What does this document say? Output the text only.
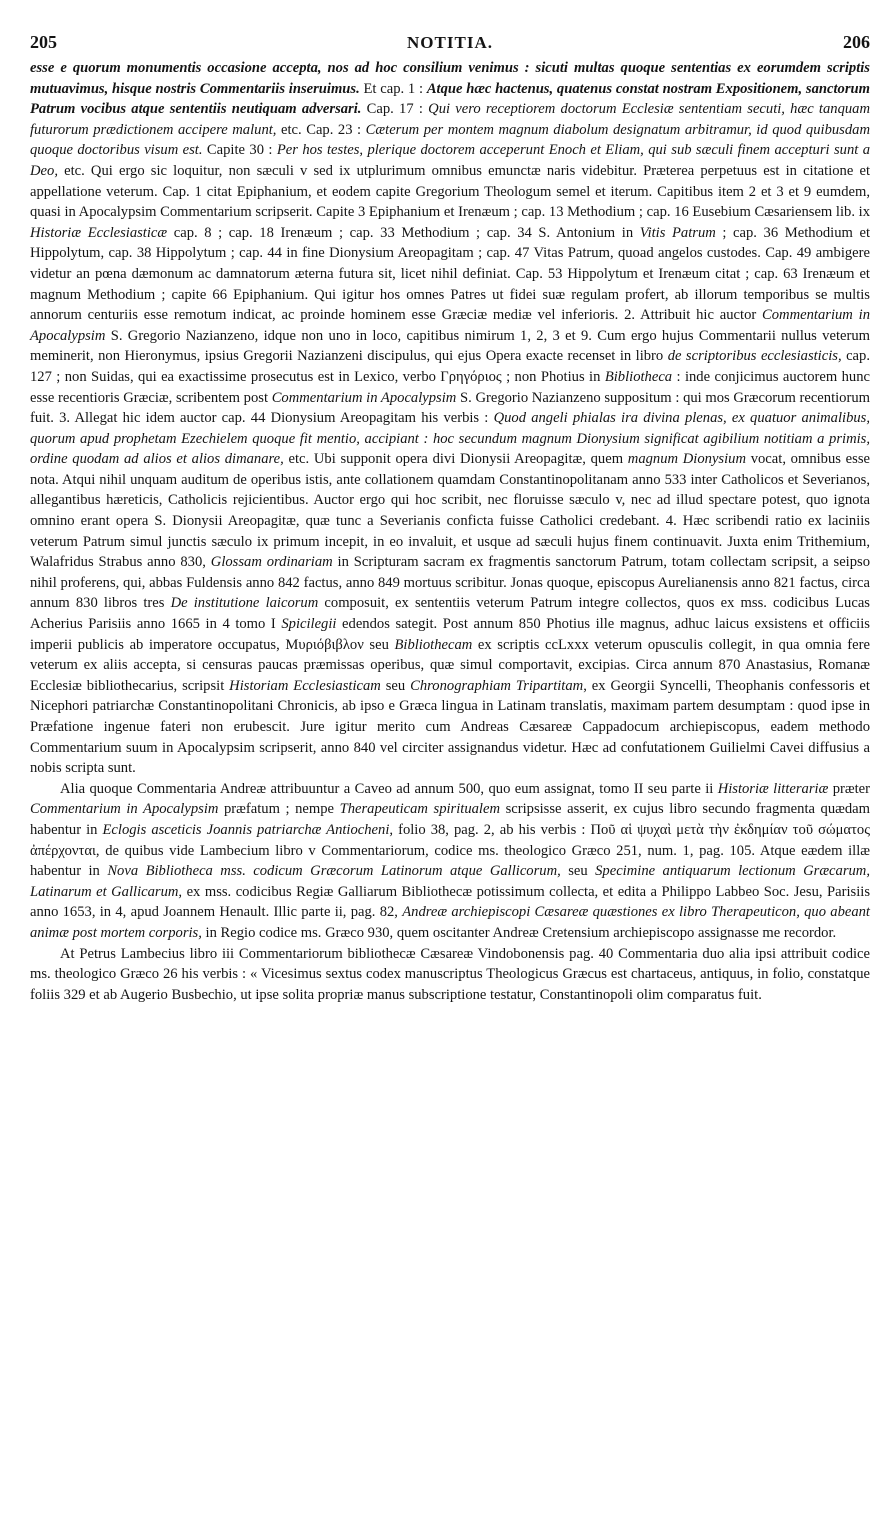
205	NOTITIA.	206

esse e quorum monumentis occasione accepta, nos ad hoc consilium venimus : sicuti multas quoque sententias ex eorumdem scriptis mutuavimus, hisque nostris Commentariis inseruimus. Et cap. 1 : Atque hæc hactenus, quatenus constat nostram Expositionem, sanctorum Patrum vocibus atque sententiis neutiquam adversari. Cap. 17 : Qui vero receptiorem doctorum Ecclesiæ sententiam secuti, hæc tanquam futurorum prædictionem accipere malunt, etc. Cap. 23 : Cæterum per montem magnum diabolum designatum arbitramur, id quod quibusdam quoque doctoribus visum est. Capite 30 : Per hos testes, plerique doctorem acceperunt Enoch et Eliam, qui sub sæculi finem accepturi sunt a Deo, etc. Qui ergo sic loquitur, non sæculi v sed ix utplurimum omnibus emunctæ naris videbitur. Præterea perpetuus est in citatione et appellatione veterum. Cap. 1 citat Epiphanium, et eodem capite Gregorium Theologum semel et iterum. Capitibus item 2 et 3 et 9 eumdem, quasi in Apocalypsim Commentarium scripserit. Capite 3 Epiphanium et Irenæum ; cap. 13 Methodium ; cap. 16 Eusebium Cæsariensem lib. ix Historiæ Ecclesiasticæ cap. 8 ; cap. 18 Irenæum ; cap. 33 Methodium ; cap. 34 S. Antonium in Vitis Patrum ; cap. 36 Methodium et Hippolytum, cap. 38 Hippolytum ; cap. 44 in fine Dionysium Areopagitam ; cap. 47 Vitas Patrum, quoad angelos custodes. Cap. 49 ambigere videtur an pœna dæmonum ac damnatorum æterna futura sit, licet nihil definiat. Cap. 53 Hippolytum et Irenæum citat ; cap. 63 Irenæum et magnum Methodium ; capite 66 Epiphanium. Qui igitur hos omnes Patres ut fidei suæ regulam profert, ab illorum temporibus se multis annorum centuriis esse remotum indicat, ac proinde hominem esse Græciæ mediæ vel inferioris. 2. Attribuit hic auctor Commentarium in Apocalypsim S. Gregorio Nazianzeno, idque non uno in loco, capitibus nimirum 1, 2, 3 et 9. Cum ergo hujus Commentarii nullus veterum meminerit, non Hieronymus, ipsius Gregorii Nazianzeni discipulus, qui ejus Opera exacte recenset in libro de scriptoribus ecclesiasticis, cap. 127 ; non Suidas, qui ea exactissime prosecutus est in Lexico, verbo Γρηγόριος ; non Photius in Bibliotheca : inde conjicimus auctorem hunc esse recentioris Græciæ, scribentem post Commentarium in Apocalypsim S. Gregorio Nazianzeno suppositum : qui mos Græcorum recentiorum fuit. 3. Allegat hic idem auctor cap. 44 Dionysium Areopagitam his verbis : Quod angeli phialas ira divina plenas, ex quatuor animalibus, quorum apud prophetam Ezechielem quoque fit mentio, accipiant : hoc secundum magnum Dionysium significat agibilium notitiam a primis, ordine quodam ad alios et alios dimanare, etc. Ubi supponit opera divi Dionysii Areopagitæ, quem magnum Dionysium vocat, omnibus esse nota. Atqui nihil unquam auditum de operibus istis, ante collationem quamdam Constantinopolitanam anno 533 inter Catholicos et Severianos, allegantibus hæreticis, Catholicis rejicientibus. Auctor ergo qui hoc scribit, nec floruisse sæculo v, nec ad illud spectare potest, quo ignota omnino erant opera S. Dionysii Areopagitæ, quæ tunc a Severianis conficta fuisse Catholici credebant. 4. Hæc scribendi ratio ex laciniis veterum Patrum simul junctis sæculo ix primum incepit, in eo invaluit, et usque ad sæculi hujus finem continuavit. Juxta enim Trithemium, Walafridus Strabus anno 830, Glossam ordinariam in Scripturam sacram ex fragmentis sanctorum Patrum, totam collectam scripsit, a seipso nihil proferens, qui, abbas Fuldensis anno 842 factus, anno 849 mortuus scribitur. Jonas quoque, episcopus Aurelianensis anno 821 factus, circa annum 830 libros tres De institutione laicorum composuit, ex sententiis veterum Patrum integre collectos, quos ex mss. codicibus Lucas Acherius Parisiis anno 1665 in 4 tomo I Spicilegii edendos sategit. Post annum 850 Photius ille magnus, adhuc laicus exsistens et officiis imperii publicis ab imperatore occupatus, Μυριόβιβλον seu Bibliothecam ex scriptis ccLxxx veterum opusculis collegit, in qua omnia fere veterum ex aliis accepta, si censuras paucas præmissas operibus, quæ simul comportavit, excipias. Circa annum 870 Anastasius, Romanæ Ecclesiæ bibliothecarius, scripsit Historiam Ecclesiasticam seu Chronographiam Tripartitam, ex Georgii Syncelli, Theophanis confessoris et Nicephori patriarchæ Constantinopolitani Chronicis, ab ipso e Græca lingua in Latinam translatis, maximam partem desumptam : quod ipse in Præfatione ingenue fateri non erubescit. Jure igitur merito cum Andreas Cæsareæ Cappadocum archiepiscopus, eadem methodo Commentarium suum in Apocalypsim scripserit, anno 840 vel circiter assignandus videtur. Hæc ad confutationem Guilielmi Cavei diffusius a nobis scripta sunt.

Alia quoque Commentaria Andreæ attribuuntur a Caveo ad annum 500, quo eum assignat, tomo II seu parte ii Historiæ litterariæ præter Commentarium in Apocalypsim præfatum ; nempe Therapeuticam spiritualem scripsisse asserit, ex cujus libro secundo fragmenta quædam habentur in Eclogis asceticis Joannis patriarchæ Antiocheni, folio 38, pag. 2, ab his verbis : Ποῦ αἱ ψυχαὶ μετὰ τὴν ἐκδημίαν τοῦ σώματος ἀπέρχονται, de quibus vide Lambecium libro v Commentariorum, codice ms. theologico Græco 251, num. 1, pag. 105. Atque eædem illæ habentur in Nova Bibliotheca mss. codicum Græcorum Latinorum atque Gallicorum, seu Specimine antiquarum lectionum Græcarum, Latinarum et Gallicarum, ex mss. codicibus Regiæ Galliarum Bibliothecæ potissimum collecta, et edita a Philippo Labbeo Soc. Jesu, Parisiis anno 1653, in 4, apud Joannem Henault. Illic parte ii, pag. 82, Andreæ archiepiscopi Cæsareæ quæstiones ex libro Therapeuticon, quo abeant animæ post mortem corporis, in Regio codice ms. Græco 930, quem oscitanter Andreæ Cretensium archiepiscopo assignasse me recordor.

At Petrus Lambecius libro iii Commentariorum bibliothecæ Cæsareæ Vindobonensis pag. 40 Commentaria duo alia ipsi attribuit codice ms. theologico Græco 26 his verbis : « Vicesimus sextus codex manuscriptus Theologicus Græcus est chartaceus, antiquus, in folio, constatque foliis 329 et ab Augerio Busbechio, ut ipse solita propriæ manus subscriptione testatur, Constantinopoli olim comparatus fuit.
